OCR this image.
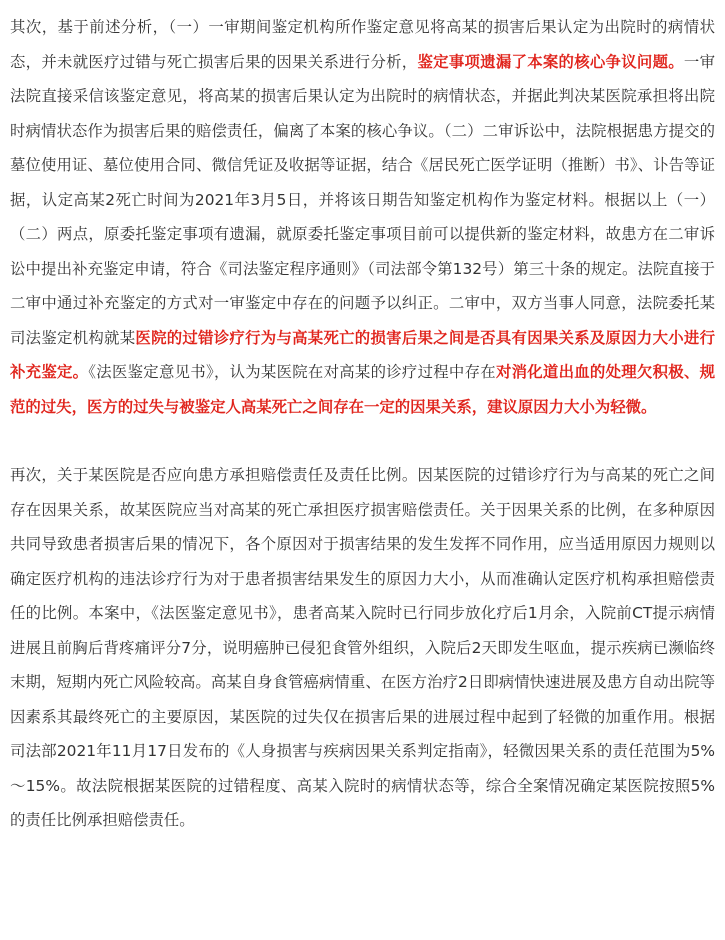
其次，基于前述分析，（一）一审期间鉴定机构所作鉴定意见将高某的损害后果认定为出院时的病情状态，并未就医疗过错与死亡损害后果的因果关系进行分析，鉴定事项遗漏了本案的核心争议问题。一审法院直接采信该鉴定意见，将高某的损害后果认定为出院时的病情状态，并据此判决某医院承担将出院时病情状态作为损害后果的赔偿责任，偏离了本案的核心争议。（二）二审诉讼中，法院根据患方提交的墓位使用证、墓位使用合同、微信凭证及收据等证据，结合《居民死亡医学证明（推断）书》、讣告等证据，认定高某2死亡时间为2021年3月5日，并将该日期告知鉴定机构作为鉴定材料。根据以上（一）（二）两点，原委托鉴定事项有遗漏，就原委托鉴定事项目前可以提供新的鉴定材料，故患方在二审诉讼中提出补充鉴定申请，符合《司法鉴定程序通则》（司法部令第132号）第三十条的规定。法院直接于二审中通过补充鉴定的方式对一审鉴定中存在的问题予以纠正。二审中，双方当事人同意，法院委托某司法鉴定机构就某医院的过错诊疗行为与高某死亡的损害后果之间是否具有因果关系及原因力大小进行补充鉴定。《法医鉴定意见书》，认为某医院在对高某的诊疗过程中存在对消化道出血的处理欠积极、规范的过失，医方的过失与被鉴定人高某死亡之间存在一定的因果关系，建议原因力大小为轻微。

再次，关于某医院是否应向患方承担赔偿责任及责任比例。因某医院的过错诊疗行为与高某的死亡之间存在因果关系，故某医院应当对高某的死亡承担医疗损害赔偿责任。关于因果关系的比例，在多种原因共同导致患者损害后果的情况下，各个原因对于损害结果的发生发挥不同作用，应当适用原因力规则以确定医疗机构的违法诊疗行为对于患者损害结果发生的原因力大小，从而准确认定医疗机构承担赔偿责任的比例。本案中，《法医鉴定意见书》，患者高某入院时已行同步放化疗后1月余，入院前CT提示病情进展且前胸后背疼痛评分7分，说明癌肿已侵犯食管外组织，入院后2天即发生呕血，提示疾病已濒临终末期，短期内死亡风险较高。高某自身食管癌病情重、在医方治疗2日即病情快速进展及患方自动出院等因素系其最终死亡的主要原因，某医院的过失仅在损害后果的进展过程中起到了轻微的加重作用。根据司法部2021年11月17日发布的《人身损害与疾病因果关系判定指南》，轻微因果关系的责任范围为5%～15%。故法院根据某医院的过错程度、高某入院时的病情状态等，综合全案情况确定某医院按照5%的责任比例承担赔偿责任。
